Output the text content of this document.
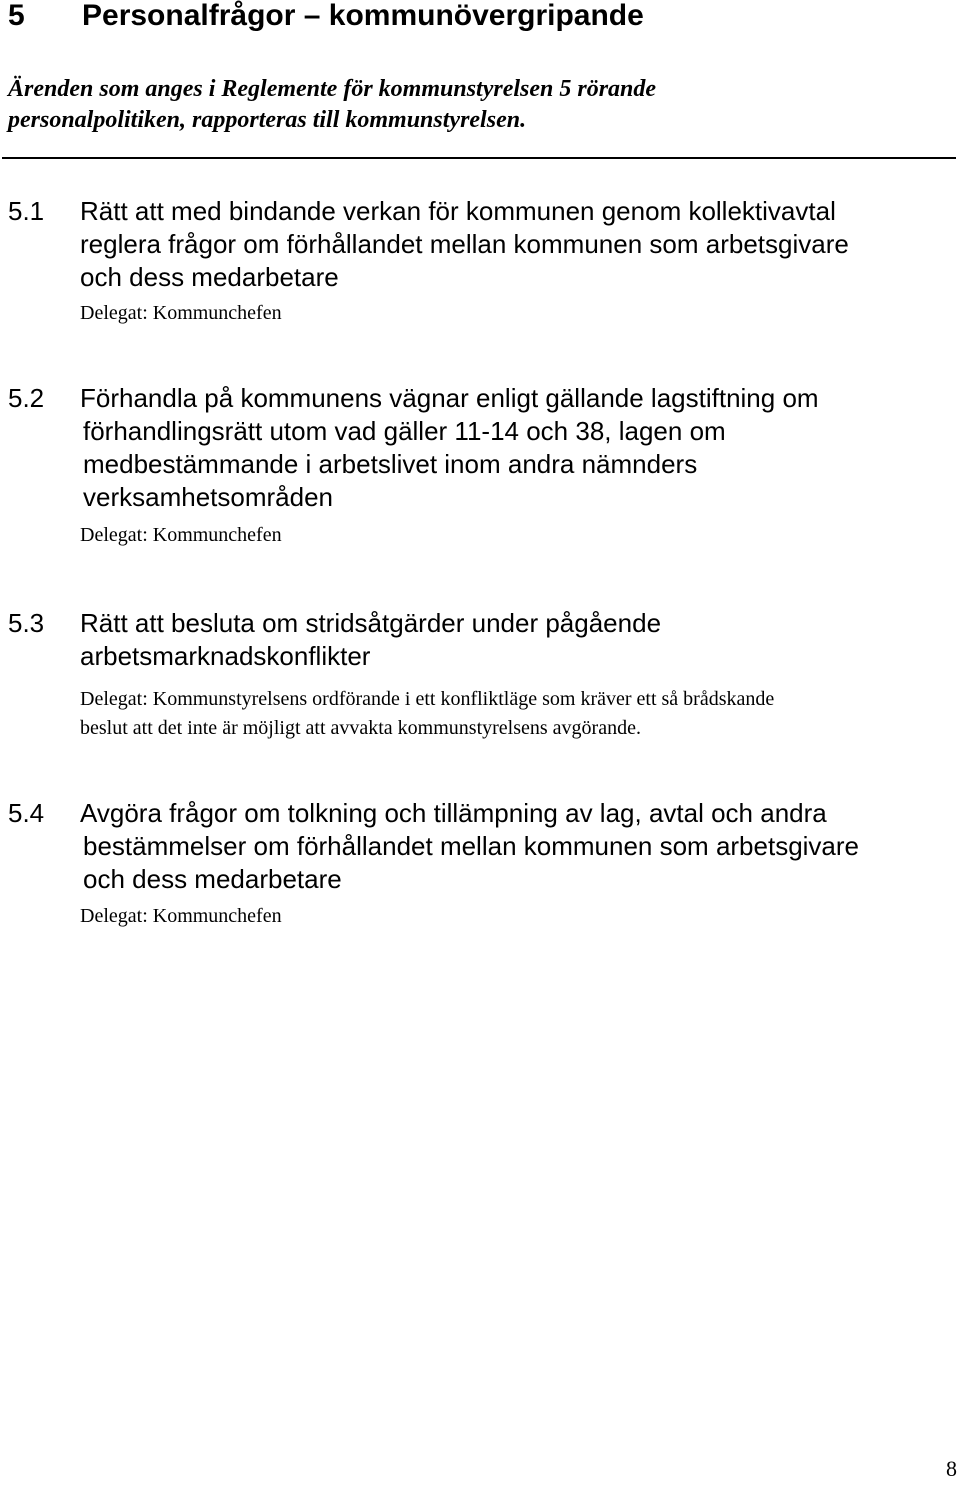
5 Personalfrågor – kommunövergripande
Ärenden som anges i Reglemente för kommunstyrelsen 5 rörande
personalpolitiken, rapporteras till kommunstyrelsen.
5.1 Rätt att med bindande verkan för kommunen genom kollektivavtal
reglera frågor om förhållandet mellan kommunen som arbetsgivare
och dess medarbetare
Delegat: Kommunchefen
5.2 Förhandla på kommunens vägnar enligt gällande lagstiftning om
förhandlingsrätt utom vad gäller 11-14 och 38, lagen om
medbestämmande i arbetslivet inom andra nämnders
verksamhetsområden
Delegat: Kommunchefen
5.3 Rätt att besluta om stridsåtgärder under pågående
arbetsmarknadskonflikter
Delegat: Kommunstyrelsens ordförande i ett konfliktläge som kräver ett så brådskande
beslut att det inte är möjligt att avvakta kommunstyrelsens avgörande.
5.4 Avgöra frågor om tolkning och tillämpning av lag, avtal och andra
bestämmelser om förhållandet mellan kommunen som arbetsgivare
och dess medarbetare
Delegat: Kommunchefen
8
